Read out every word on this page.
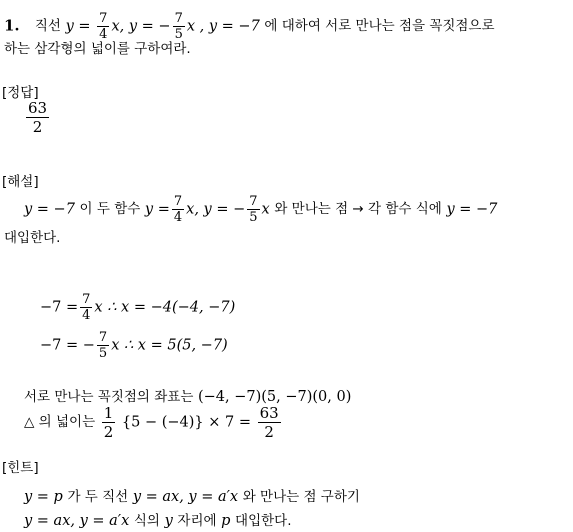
1. 직선 $y = \frac{7}{4} x$, y = − $\frac{7}{5}$ x , y = −7 에 대하여 서로 만나는 점을 꼭짓점으로
하는 삼각형의 넓이를 구하여라.
[정답]
$\frac{63}{2}$
[해설]
y = −7 이 두 함수 $y = \frac{7}{4} x$, y = − $\frac{7}{5}$ x 와 만나는 점 → 각 함수 식에 y = −7
대입한다.
$-7 = \frac{7}{4}$ x ∴ x = −4(−4, −7)
−7 = − $\frac{7}{5}$ x ∴ x = 5(5, −7)
서로 만나는 꼭짓점의 좌표는 (−4, −7)(5, −7)(0, 0)
△ 의 넓이는 $\frac{1}{2} \{5 - (-4)\} \times 7 = \frac{63}{2}$
[힌트]
y = p 가 두 직선 y = ax, y = a′x 와 만나는 점 구하기
y = ax, y = a′x 식의 y 자리에 p 대입한다.
